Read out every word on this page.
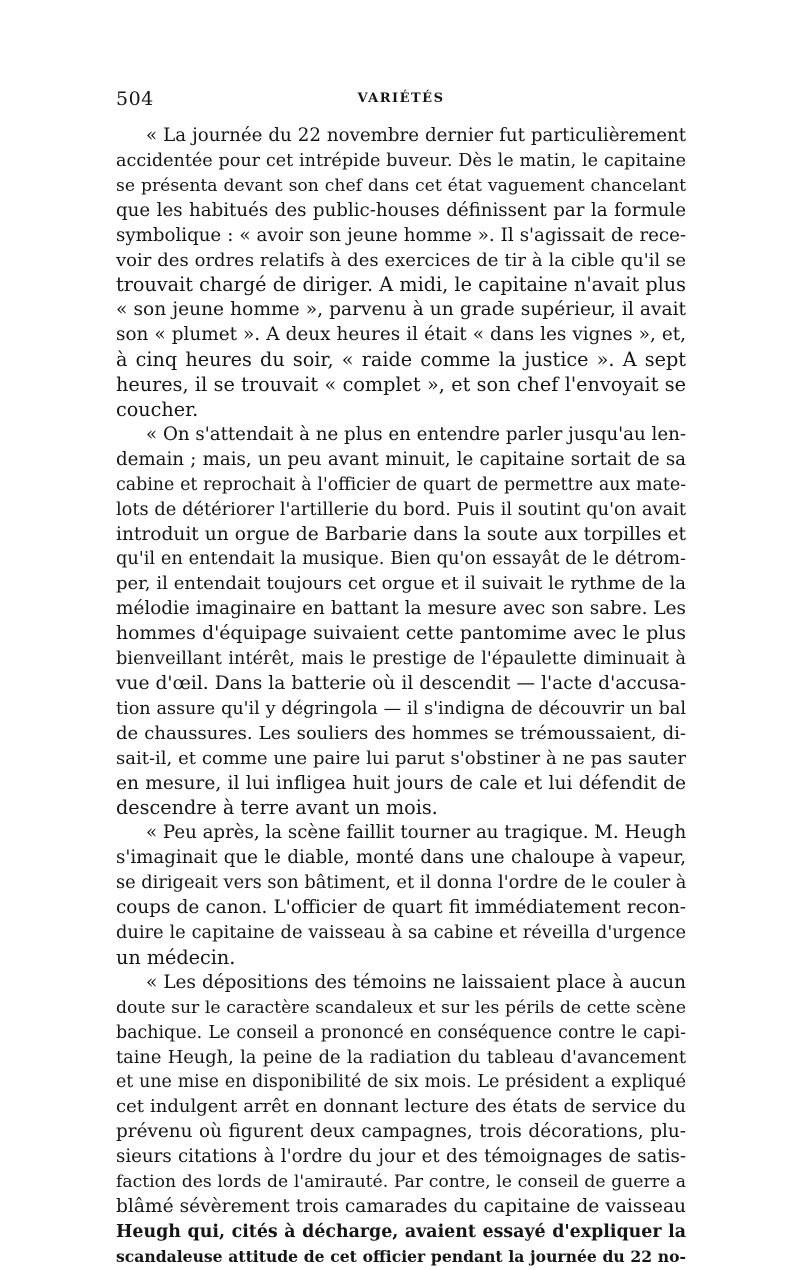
504	VARIÉTÉS
« La journée du 22 novembre dernier fut particulièrement
accidentée pour cet intrépide buveur. Dès le matin, le capitaine
se présenta devant son chef dans cet état vaguement chancelant
que les habitués des public-houses définissent par la formule
symbolique : « avoir son jeune homme ». Il s'agissait de rece-
voir des ordres relatifs à des exercices de tir à la cible qu'il se
trouvait chargé de diriger. A midi, le capitaine n'avait plus
« son jeune homme », parvenu à un grade supérieur, il avait
son « plumet ». A deux heures il était « dans les vignes », et,
à cinq heures du soir, « raide comme la justice ». A sept
heures, il se trouvait « complet », et son chef l'envoyait se
coucher.
« On s'attendait à ne plus en entendre parler jusqu'au len-
demain ; mais, un peu avant minuit, le capitaine sortait de sa
cabine et reprochait à l'officier de quart de permettre aux mate-
lots de détériorer l'artillerie du bord. Puis il soutint qu'on avait
introduit un orgue de Barbarie dans la soute aux torpilles et
qu'il en entendait la musique. Bien qu'on essayât de le détrom-
per, il entendait toujours cet orgue et il suivait le rythme de la
mélodie imaginaire en battant la mesure avec son sabre. Les
hommes d'équipage suivaient cette pantomime avec le plus
bienveillant intérêt, mais le prestige de l'épaulette diminuait à
vue d'œil. Dans la batterie où il descendit — l'acte d'accusa-
tion assure qu'il y dégringola — il s'indigna de découvrir un bal
de chaussures. Les souliers des hommes se trémoussaient, di-
sait-il, et comme une paire lui parut s'obstiner à ne pas sauter
en mesure, il lui infligea huit jours de cale et lui défendit de
descendre à terre avant un mois.
« Peu après, la scène faillit tourner au tragique. M. Heugh
s'imaginait que le diable, monté dans une chaloupe à vapeur,
se dirigeait vers son bâtiment, et il donna l'ordre de le couler à
coups de canon. L'officier de quart fit immédiatement recon-
duire le capitaine de vaisseau à sa cabine et réveilla d'urgence
un médecin.
« Les dépositions des témoins ne laissaient place à aucun
doute sur le caractère scandaleux et sur les périls de cette scène
bachique. Le conseil a prononcé en conséquence contre le capi-
taine Heugh, la peine de la radiation du tableau d'avancement
et une mise en disponibilité de six mois. Le président a expliqué
cet indulgent arrêt en donnant lecture des états de service du
prévenu où figurent deux campagnes, trois décorations, plu-
sieurs citations à l'ordre du jour et des témoignages de satis-
faction des lords de l'amirauté. Par contre, le conseil de guerre a
blâmé sévèrement trois camarades du capitaine de vaisseau
Heugh qui, cités à décharge, avaient essayé d'expliquer la
scandaleuse attitude de cet officier pendant la journée du 22 no-
